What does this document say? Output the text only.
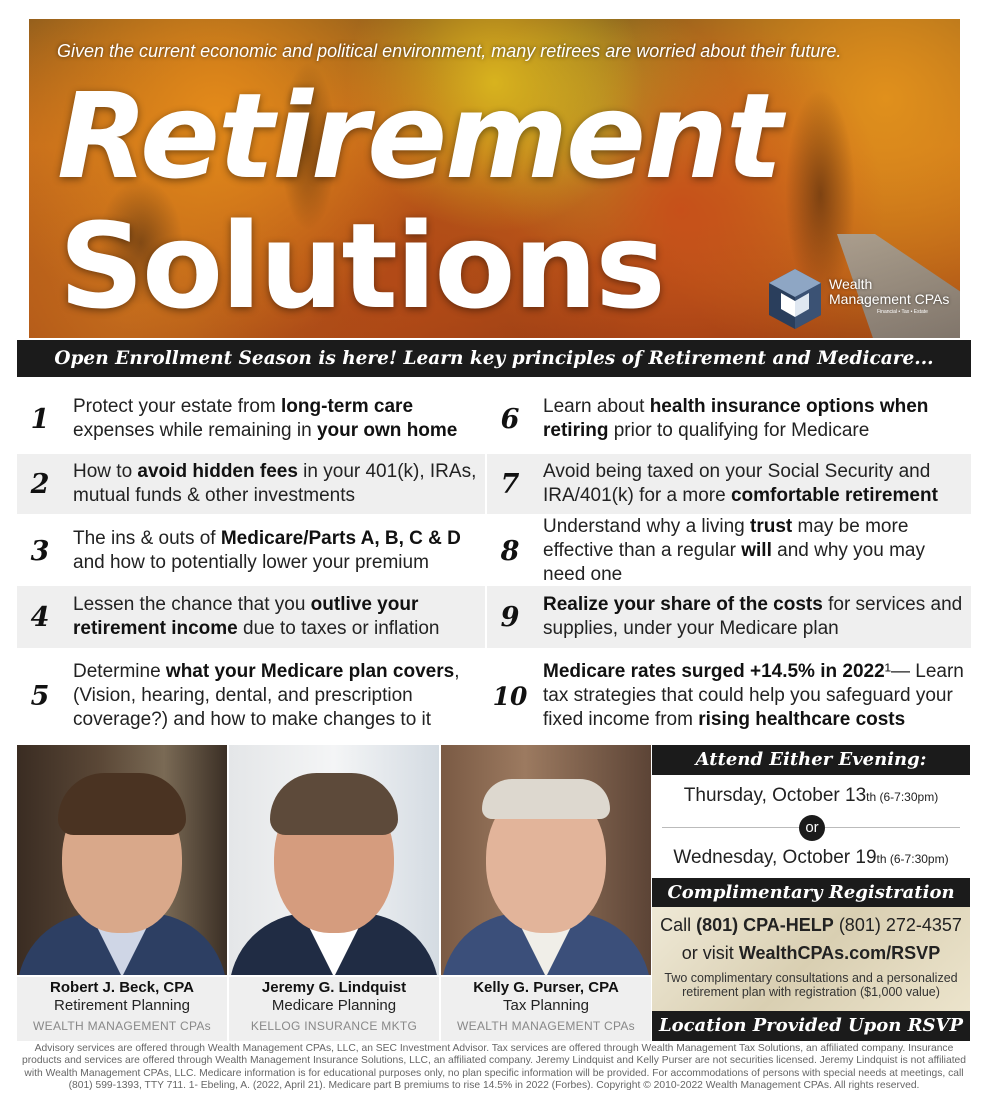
Given the current economic and political environment, many retirees are worried about their future.
Retirement
Solutions	Wealth
Management CPAs
Financial • Tax • Estate
Open Enrollment Season is here! Learn key principles of Retirement and Medicare...
1	Protect your estate from long-term care expenses while remaining in your own home
2	How to avoid hidden fees in your 401(k), IRAs, mutual funds & other investments
3	The ins & outs of Medicare/Parts A, B, C & D and how to potentially lower your premium
4	Lessen the chance that you outlive your retirement income due to taxes or inflation
5
Determine what your Medicare plan covers, (Vision, hearing, dental, and prescription coverage?) and how to make changes to it
6	Learn about health insurance options when retiring prior to qualifying for Medicare
7	Avoid being taxed on your Social Security and IRA/401(k) for a more comfortable retirement
8
Understand why a living trust may be more effective than a regular will and why you may need one
9	Realize your share of the costs for services and supplies, under your Medicare plan
10
Medicare rates surged +14.5% in 2022¹— Learn tax strategies that could help you safeguard your fixed income from rising healthcare costs
Robert J. Beck, CPA
Retirement Planning
WEALTH MANAGEMENT CPAs
Jeremy G. Lindquist
Medicare Planning
KELLOG INSURANCE MKTG
Kelly G. Purser, CPA
Tax Planning
WEALTH MANAGEMENT CPAs
Attend Either Evening:
Thursday, October 13th (6-7:30pm)
or
Wednesday, October 19th (6-7:30pm)
Complimentary Registration
Call (801) CPA-HELP (801) 272-4357
or visit WealthCPAs.com/RSVP
Two complimentary consultations and a personalized retirement plan with registration ($1,000 value)
Location Provided Upon RSVP
Advisory services are offered through Wealth Management CPAs, LLC, an SEC Investment Advisor. Tax services are offered through Wealth Management Tax Solutions, an affiliated company. Insurance products and services are offered through Wealth Management Insurance Solutions, LLC, an affiliated company. Jeremy Lindquist and Kelly Purser are not securities licensed. Jeremy Lindquist is not affiliated with Wealth Management CPAs, LLC. Medicare information is for educational purposes only, no plan specific information will be provided. For accommodations of persons with special needs at meetings, call (801) 599-1393, TTY 711. 1- Ebeling, A. (2022, April 21). Medicare part B premiums to rise 14.5% in 2022 (Forbes). Copyright © 2010-2022 Wealth Management CPAs. All rights reserved.
